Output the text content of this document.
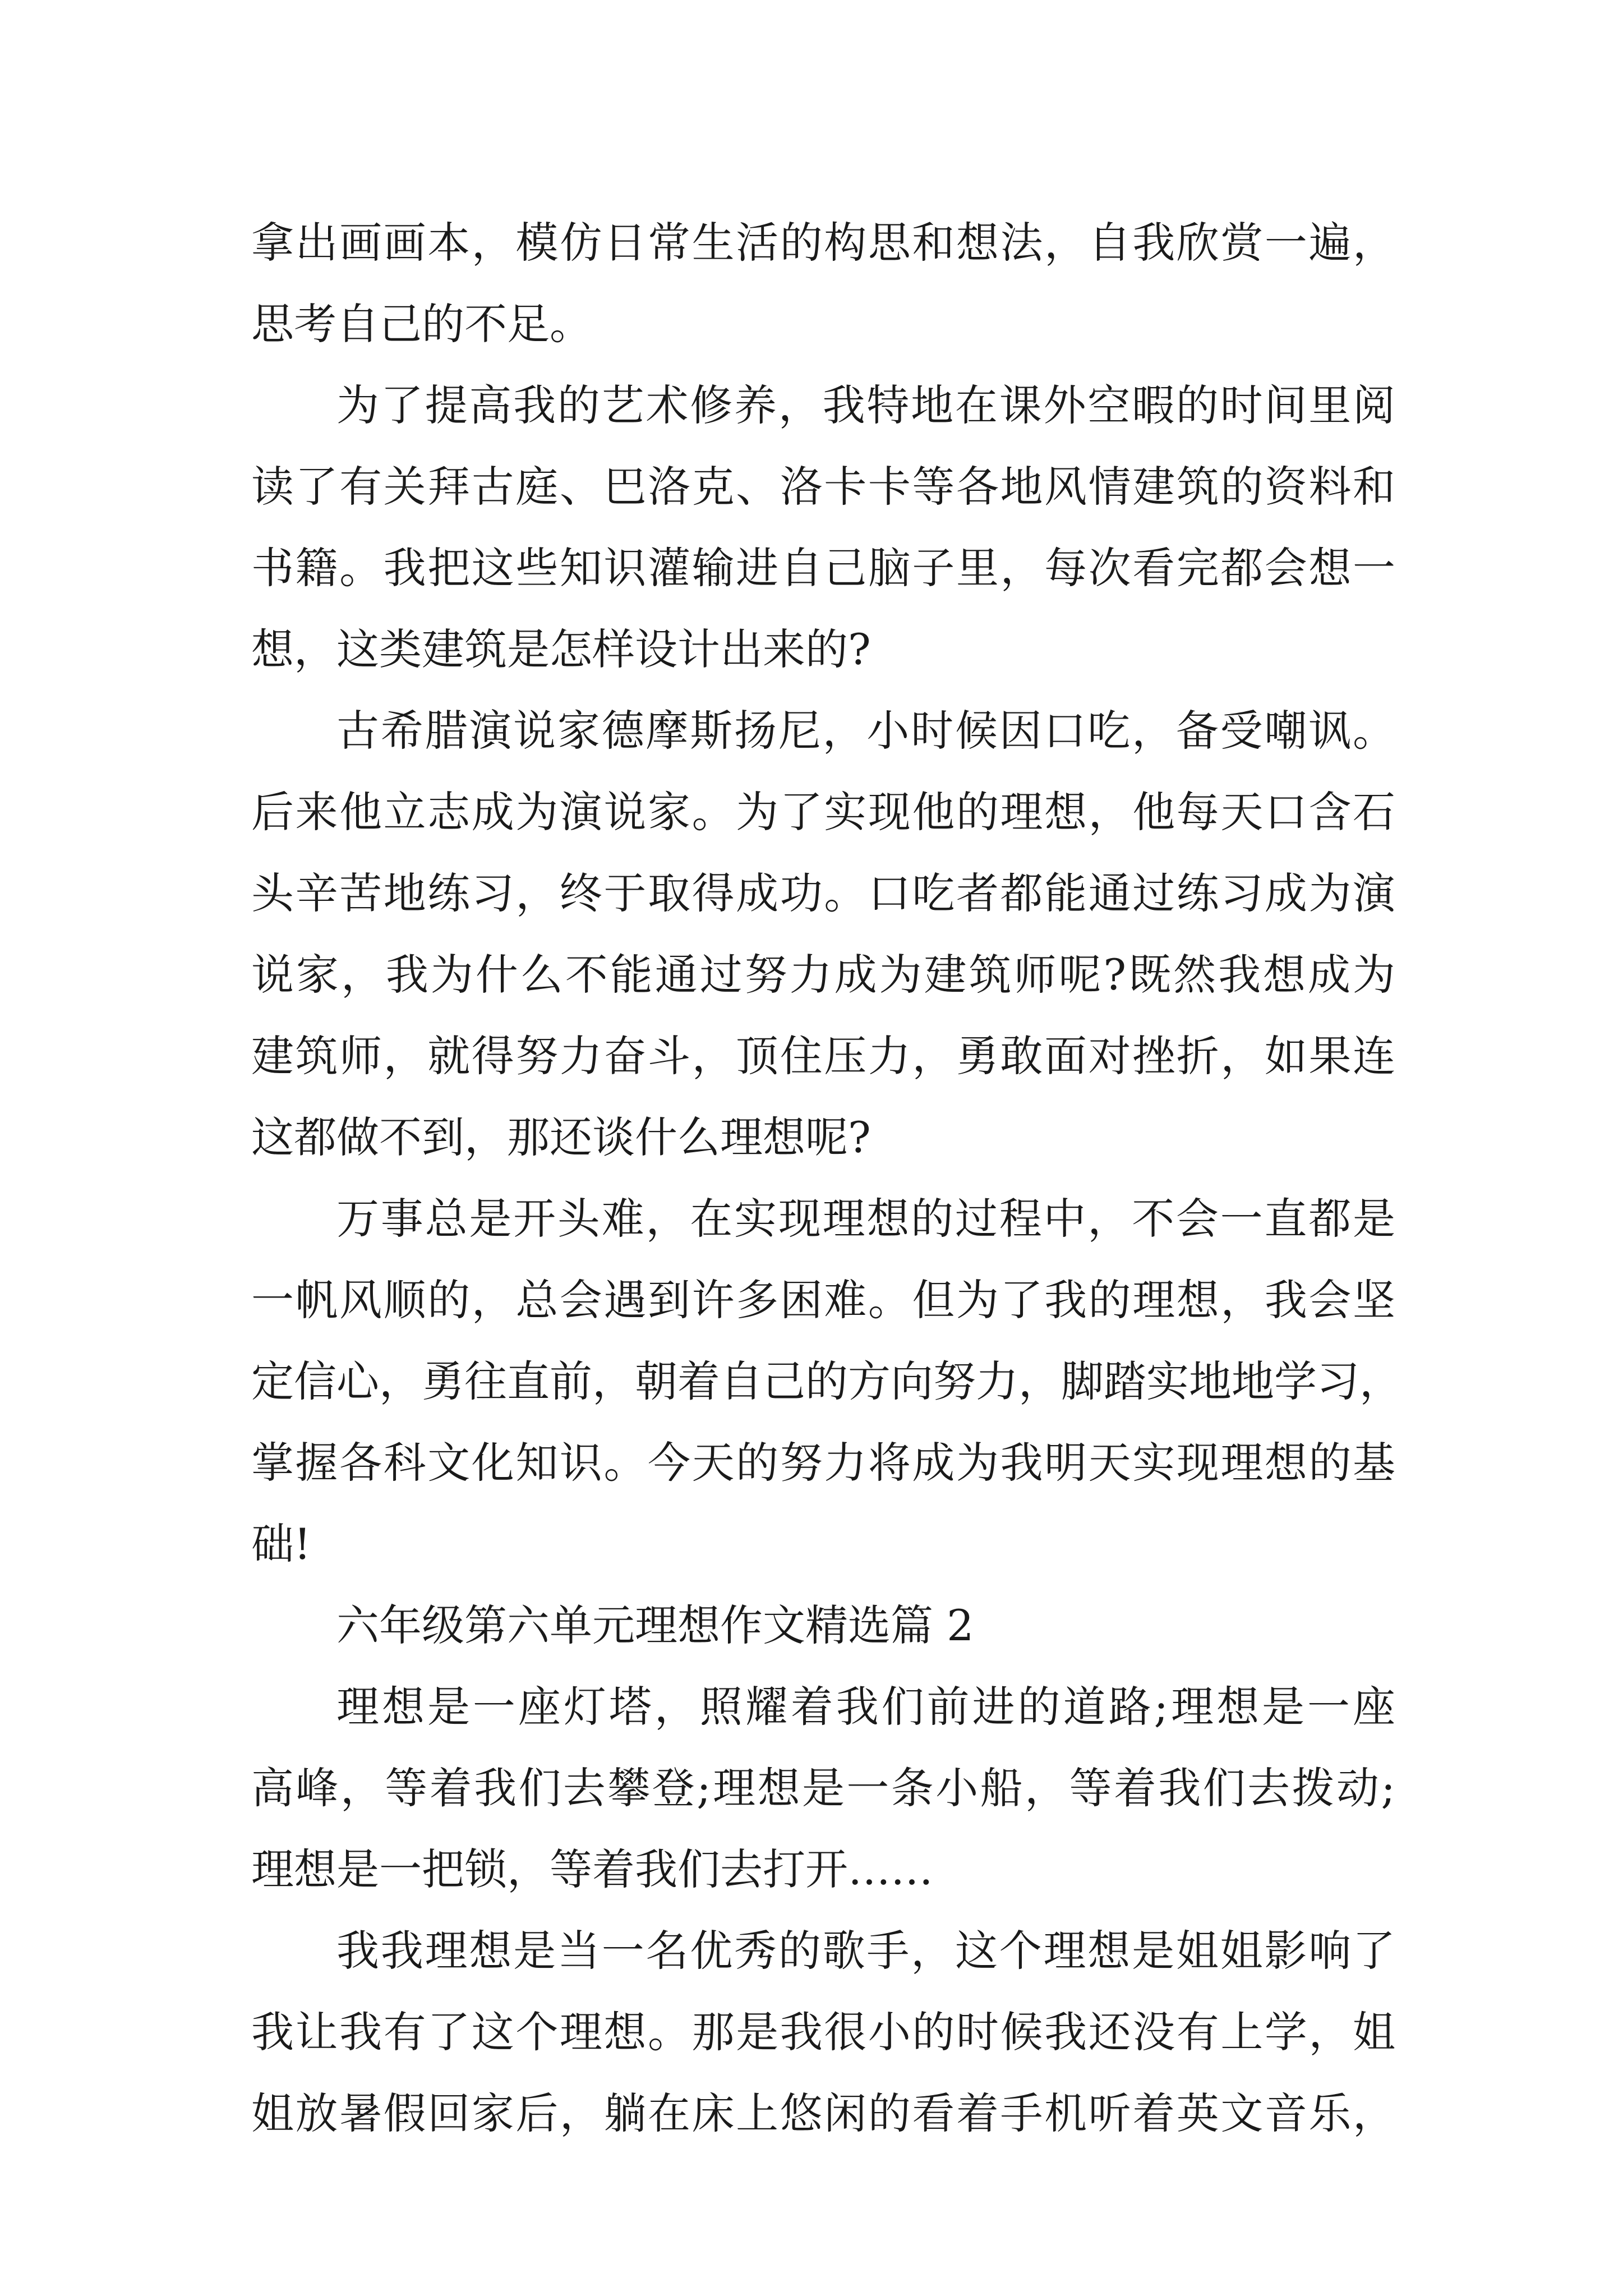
拿出画画本，模仿日常生活的构思和想法，自我欣赏一遍，
思考自己的不足。
为了提高我的艺术修养，我特地在课外空暇的时间里阅
读了有关拜古庭、巴洛克、洛卡卡等各地风情建筑的资料和
书籍。我把这些知识灌输进自己脑子里，每次看完都会想一
想，这类建筑是怎样设计出来的?
古希腊演说家德摩斯扬尼，小时候因口吃，备受嘲讽。
后来他立志成为演说家。为了实现他的理想，他每天口含石
头辛苦地练习，终于取得成功。口吃者都能通过练习成为演
说家，我为什么不能通过努力成为建筑师呢?既然我想成为
建筑师，就得努力奋斗，顶住压力，勇敢面对挫折，如果连
这都做不到，那还谈什么理想呢?
万事总是开头难，在实现理想的过程中，不会一直都是
一帆风顺的，总会遇到许多困难。但为了我的理想，我会坚
定信心，勇往直前，朝着自己的方向努力，脚踏实地地学习，
掌握各科文化知识。今天的努力将成为我明天实现理想的基
础!
六年级第六单元理想作文精选篇 2
理想是一座灯塔，照耀着我们前进的道路;理想是一座
高峰，等着我们去攀登;理想是一条小船，等着我们去拨动;
理想是一把锁，等着我们去打开……
我我理想是当一名优秀的歌手，这个理想是姐姐影响了
我让我有了这个理想。那是我很小的时候我还没有上学，姐
姐放暑假回家后，躺在床上悠闲的看着手机听着英文音乐，
